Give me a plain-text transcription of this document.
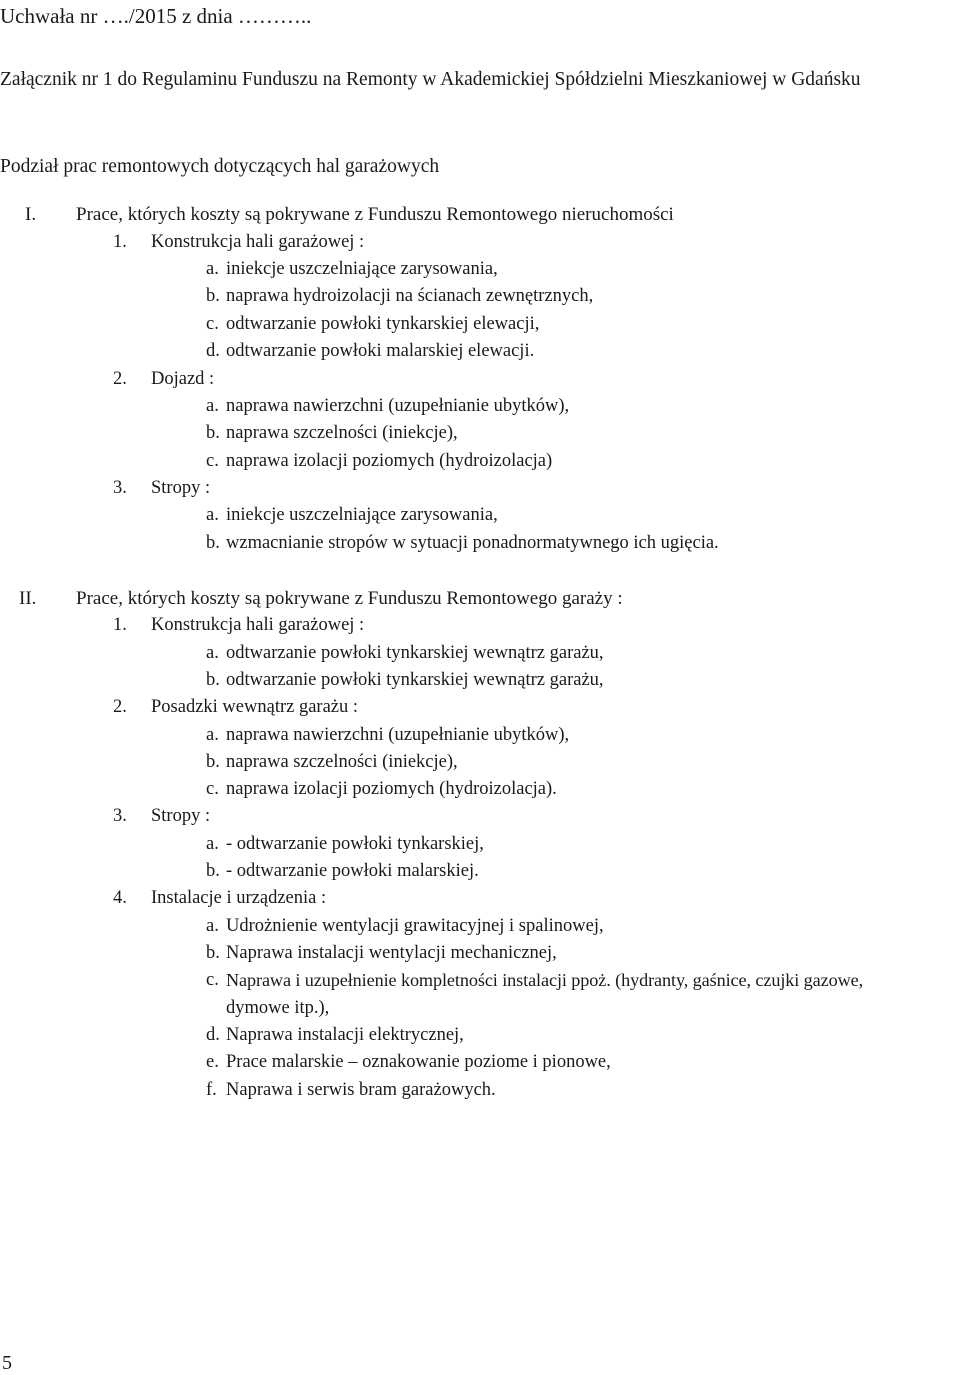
Uchwała nr …./2015 z dnia ………..
Załącznik nr 1 do Regulaminu Funduszu na Remonty w Akademickiej Spółdzielni Mieszkaniowej w Gdańsku
Podział prac remontowych dotyczących hal garażowych
I. Prace, których koszty są pokrywane z Funduszu Remontowego nieruchomości
1. Konstrukcja hali garażowej :
a. iniekcje uszczelniające zarysowania,
b. naprawa hydroizolacji na ścianach zewnętrznych,
c. odtwarzanie powłoki tynkarskiej elewacji,
d. odtwarzanie powłoki malarskiej elewacji.
2. Dojazd :
a. naprawa nawierzchni (uzupełnianie ubytków),
b. naprawa szczelności (iniekcje),
c. naprawa izolacji poziomych (hydroizolacja)
3. Stropy :
a. iniekcje uszczelniające zarysowania,
b. wzmacnianie stropów w sytuacji ponadnormatywnego ich ugięcia.
II. Prace, których koszty są pokrywane z Funduszu Remontowego garaży :
1. Konstrukcja hali garażowej :
a. odtwarzanie powłoki tynkarskiej wewnątrz garażu,
b. odtwarzanie powłoki tynkarskiej wewnątrz garażu,
2. Posadzki wewnątrz garażu :
a. naprawa nawierzchni (uzupełnianie ubytków),
b. naprawa szczelności (iniekcje),
c. naprawa izolacji poziomych (hydroizolacja).
3. Stropy :
a. - odtwarzanie powłoki tynkarskiej,
b. - odtwarzanie powłoki malarskiej.
4. Instalacje i urządzenia :
a. Udrożnienie wentylacji grawitacyjnej i spalinowej,
b. Naprawa instalacji wentylacji mechanicznej,
c. Naprawa i uzupełnienie kompletności instalacji ppoż. (hydranty, gaśnice, czujki gazowe,
dymowe itp.),
d. Naprawa instalacji elektrycznej,
e. Prace malarskie – oznakowanie poziome i pionowe,
f. Naprawa i serwis bram garażowych.
5
